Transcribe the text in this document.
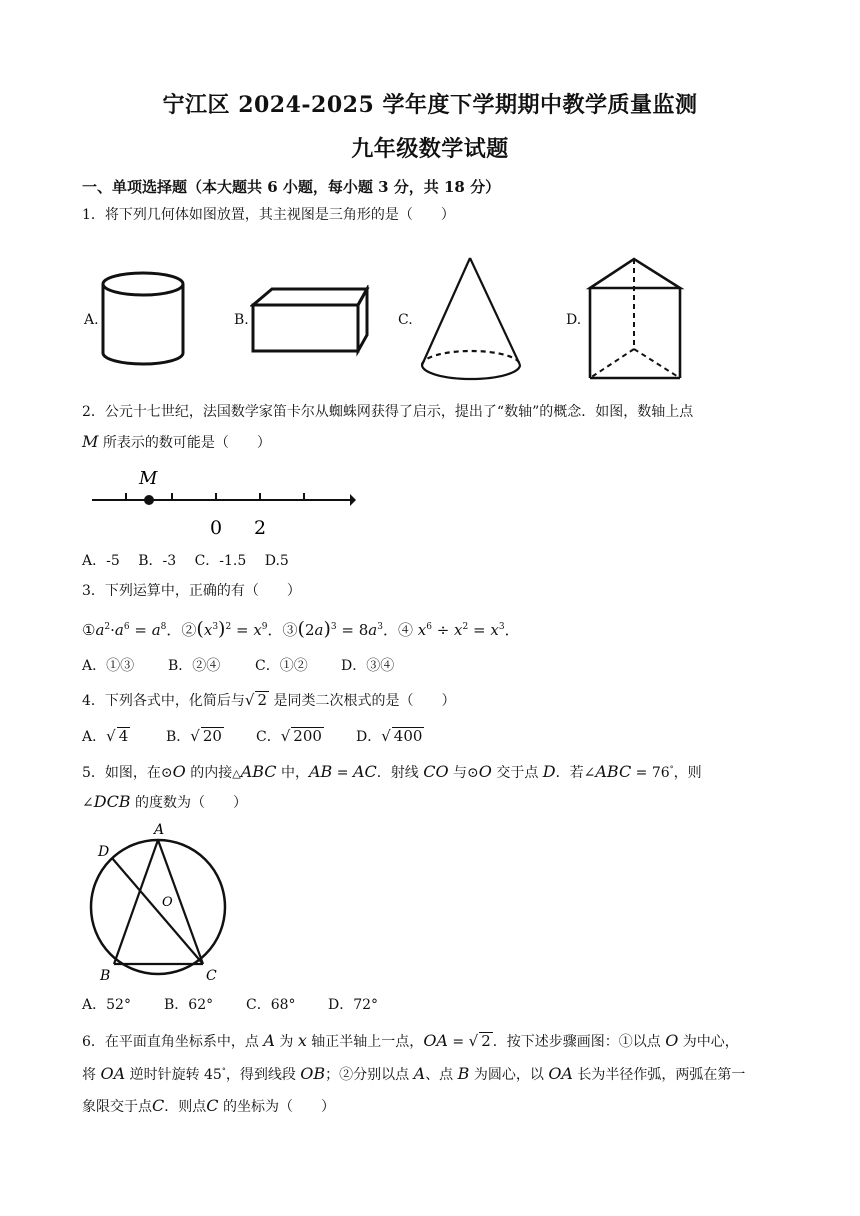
宁江区 2024-2025 学年度下学期期中教学质量监测
九年级数学试题
一、单项选择题（本大题共 6 小题，每小题 3 分，共 18 分）
1．将下列几何体如图放置，其主视图是三角形的是（　　）
A.	B.	C.	D.
2．公元十七世纪，法国数学家笛卡尔从蜘蛛网获得了启示，提出了“数轴”的概念．如图，数轴上点
M 所表示的数可能是（　　）
M
0 2
A．-5　 B．-3　 C．-1.5　 D.5
3．下列运算中，正确的有（　　）
$①a^2\cdot a^6 = a^8$．$②(x^3)^2 = x^9$．$③(2a)^3 = 8a^3$．④ $x^6 \div x^2 = x^3$．
A．①③ B．②④ C．①② D．③④
4．下列各式中，化简后与√ 2 是同类二次根式的是（　　）
A．√ 4	B．√ 20 C．√ 200 D．√ 400
5．如图，在⊙O 的内接△ABC 中，AB = AC．射线 CO 与⊙O 交于点 D．若∠ABC = 76°，则
∠DCB 的度数为（　　）
A
B	C
D
O
A．52° B．62° C．68° D．72°
6．在平面直角坐标系中，点 A 为 x 轴正半轴上一点，OA = √ 2 ．按下述步骤画图：①以点 O 为中心，
将 OA 逆时针旋转 45°，得到线段 OB；②分别以点 A、点 B 为圆心，以 OA 长为半径作弧，两弧在第一
象限交于点C．则点C 的坐标为（　　）
